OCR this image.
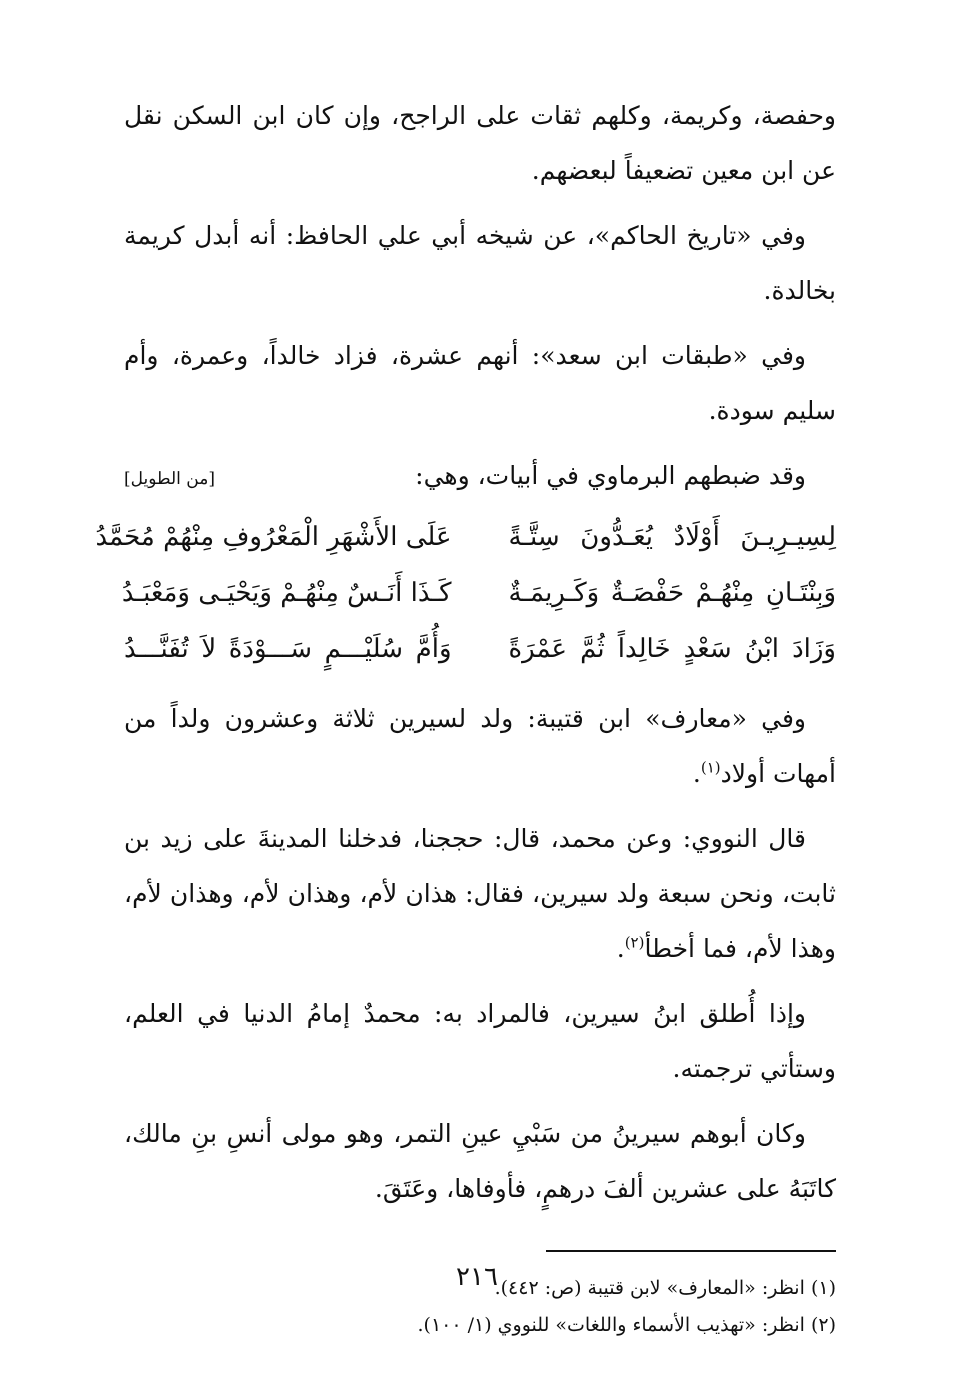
وحفصة، وكريمة، وكلهم ثقات على الراجح، وإن كان ابن السكن نقل عن ابن معين تضعيفاً لبعضهم.

وفي «تاريخ الحاكم»، عن شيخه أبي علي الحافظ: أنه أبدل كريمة بخالدة.

وفي «طبقات ابن سعد»: أنهم عشرة، فزاد خالداً، وعمرة، وأم سليم سودة.

وقد ضبطهم البرماوي في أبيات، وهي:
[من الطويل]
لِسِيـرِيـنَ أَوْلَادٌ يُعَـدُّونَ سِتَّـةً
عَلَى الأَشْهَرِ الْمَعْرُوفِ مِنْهُمْ مُحَمَّدُ
وَبِنْتَـانِ مِنْهُـمْ حَفْصَـةٌ وَكَـرِيمَـةٌ
كَـذَا أَنَـسٌ مِنْهُـمْ وَيَحْيَـى وَمَعْبَـدُ
وَزَادَ ابْنُ سَعْدٍ خَالِداً ثُمَّ عَمْرَةً
وَأُمَّ سُلَيْـــمٍ سَـــوْدَةً لاَ تُفَنَّـــدُ

وفي «معارف» ابن قتيبة: ولد لسيرين ثلاثة وعشرون ولداً من أمهات أولاد$^{(١)}$.

قال النووي: وعن محمد، قال: حججنا، فدخلنا المدينةَ على زيد بن ثابت، ونحن سبعة ولد سيرين، فقال: هذان لأم، وهذان لأم، وهذان لأم، وهذا لأم، فما أخطأ$^{(٢)}$.

وإذا أُطلق ابنُ سيرين، فالمراد به: محمدٌ إمامُ الدنيا في العلم، وستأتي ترجمته.

وكان أبوهم سيرينُ من سَبْيِ عينِ التمر، وهو مولى أنسِ بنِ مالك، كاتَبَهُ على عشرين ألفَ درهمٍ، فأوفاها، وعَتَقَ.

(١) انظر: «المعارف» لابن قتيبة (ص: ٤٤٢).
(٢) انظر: «تهذيب الأسماء واللغات» للنووي (١/ ١٠٠).
٢١٦
